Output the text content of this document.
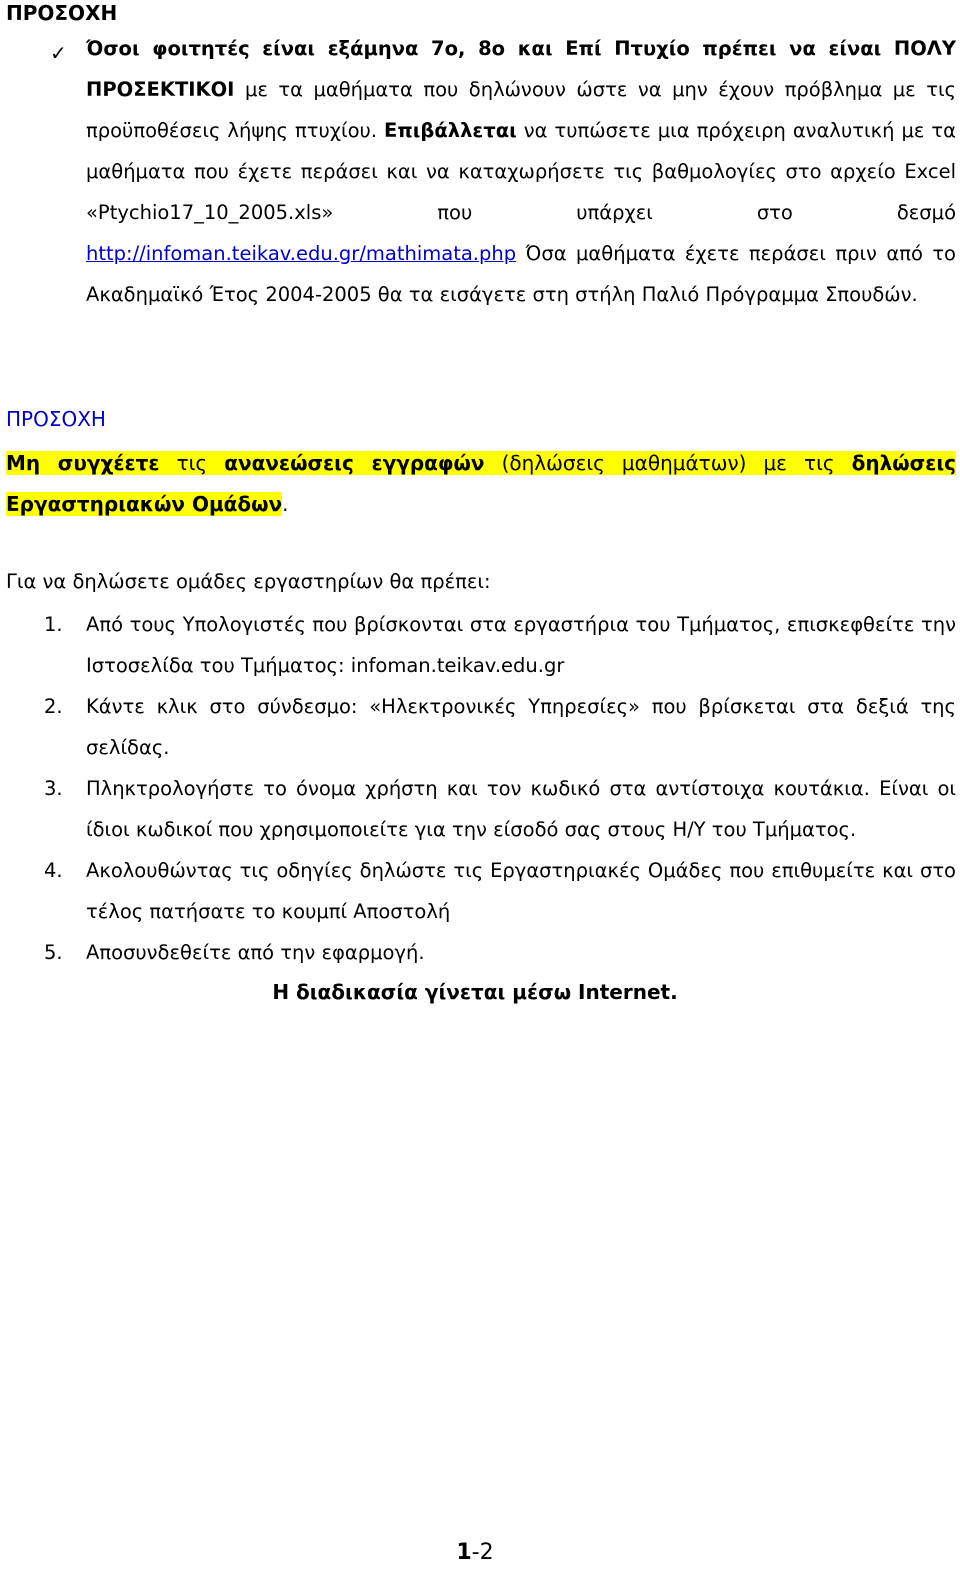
ΠΡΟΣΟΧΗ
✓ Όσοι φοιτητές είναι εξάμηνα 7ο, 8ο και Επί Πτυχίο πρέπει να είναι ΠΟΛΥ ΠΡΟΣΕΚΤΙΚΟΙ με τα μαθήματα που δηλώνουν ώστε να μην έχουν πρόβλημα με τις προϋποθέσεις λήψης πτυχίου. Επιβάλλεται να τυπώσετε μια πρόχειρη αναλυτική με τα μαθήματα που έχετε περάσει και να καταχωρήσετε τις βαθμολογίες στο αρχείο Excel «Ptychio17_10_2005.xls» που υπάρχει στο δεσμό http://infoman.teikav.edu.gr/mathimata.php Όσα μαθήματα έχετε περάσει πριν από το Ακαδημαϊκό Έτος 2004-2005 θα τα εισάγετε στη στήλη Παλιό Πρόγραμμα Σπουδών.

ΠΡΟΣΟΧΗ

Μη συγχέετε τις ανανεώσεις εγγραφών (δηλώσεις μαθημάτων) με τις δηλώσεις Εργαστηριακών Ομάδων.

Για να δηλώσετε ομάδες εργαστηρίων θα πρέπει:
1. Από τους Υπολογιστές που βρίσκονται στα εργαστήρια του Τμήματος, επισκεφθείτε την Ιστοσελίδα του Τμήματος: infoman.teikav.edu.gr

2. Κάντε κλικ στο σύνδεσμο: «Ηλεκτρονικές Υπηρεσίες» που βρίσκεται στα δεξιά της σελίδας.

3. Πληκτρολογήστε το όνομα χρήστη και τον κωδικό στα αντίστοιχα κουτάκια. Είναι οι ίδιοι κωδικοί που χρησιμοποιείτε για την είσοδό σας στους Η/Υ του Τμήματος.

4. Ακολουθώντας τις οδηγίες δηλώστε τις Εργαστηριακές Ομάδες που επιθυμείτε και στο τέλος πατήσατε το κουμπί Αποστολή

5. Αποσυνδεθείτε από την εφαρμογή.

Η διαδικασία γίνεται μέσω Internet.
1-2
